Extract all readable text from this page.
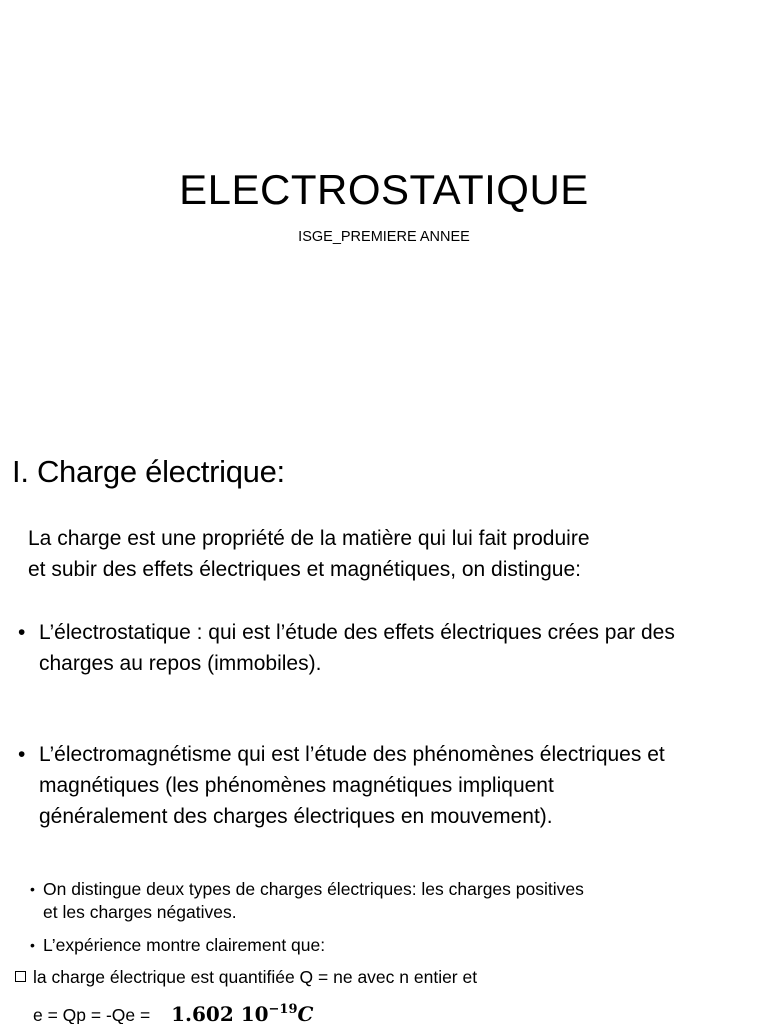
ELECTROSTATIQUE

ISGE_PREMIERE ANNEE

I. Charge électrique:

La charge est une propriété de la matière qui lui fait produire
et subir des effets électriques et magnétiques, on distingue:

• L’électrostatique : qui est l’étude des effets électriques crées par des
charges au repos (immobiles).
• L’électromagnétisme qui est l’étude des phénomènes électriques et
magnétiques (les phénomènes magnétiques impliquent
généralement des charges électriques en mouvement).
• On distingue deux types de charges électriques: les charges positives
et les charges négatives.
• L’expérience montre clairement que:
la charge électrique est quantifiée Q = ne avec n entier et
e = Qp = -Qe = 1.602 $10^{-19}C$
